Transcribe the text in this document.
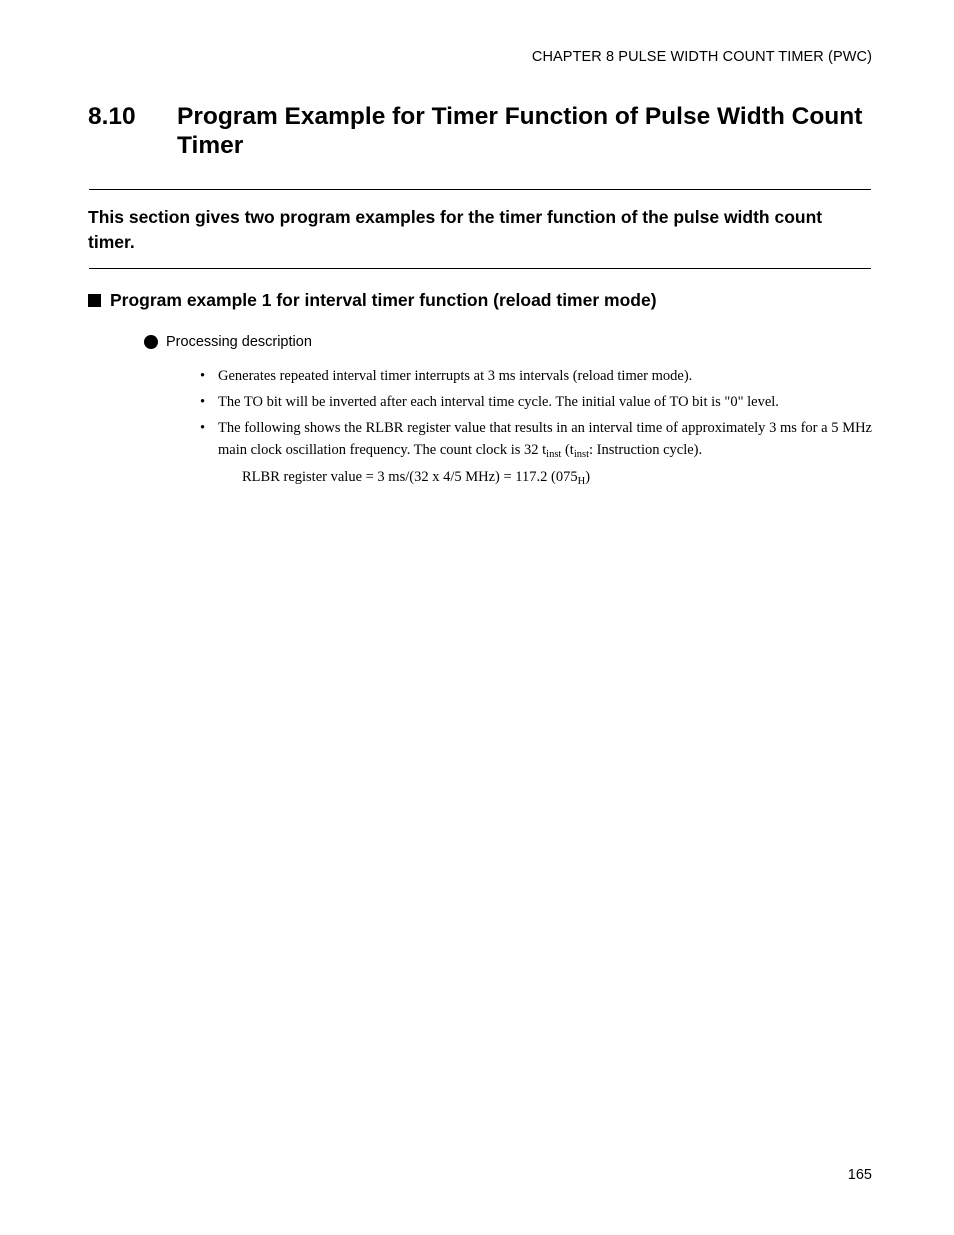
CHAPTER 8 PULSE WIDTH COUNT TIMER (PWC)
8.10	Program Example for Timer Function of Pulse Width Count Timer
This section gives two program examples for the timer function of the pulse width count timer.
Program example 1 for interval timer function (reload timer mode)
Processing description
• Generates repeated interval timer interrupts at 3 ms intervals (reload timer mode).
• The TO bit will be inverted after each interval time cycle. The initial value of TO bit is "0" level.
• The following shows the RLBR register value that results in an interval time of approximately 3 ms for a 5 MHz main clock oscillation frequency. The count clock is 32 $t_{inst}$ ($t_{inst}$: Instruction cycle).
RLBR register value = 3 ms/(32 x 4/5 MHz) = 117.2 $(075_H)$
165
